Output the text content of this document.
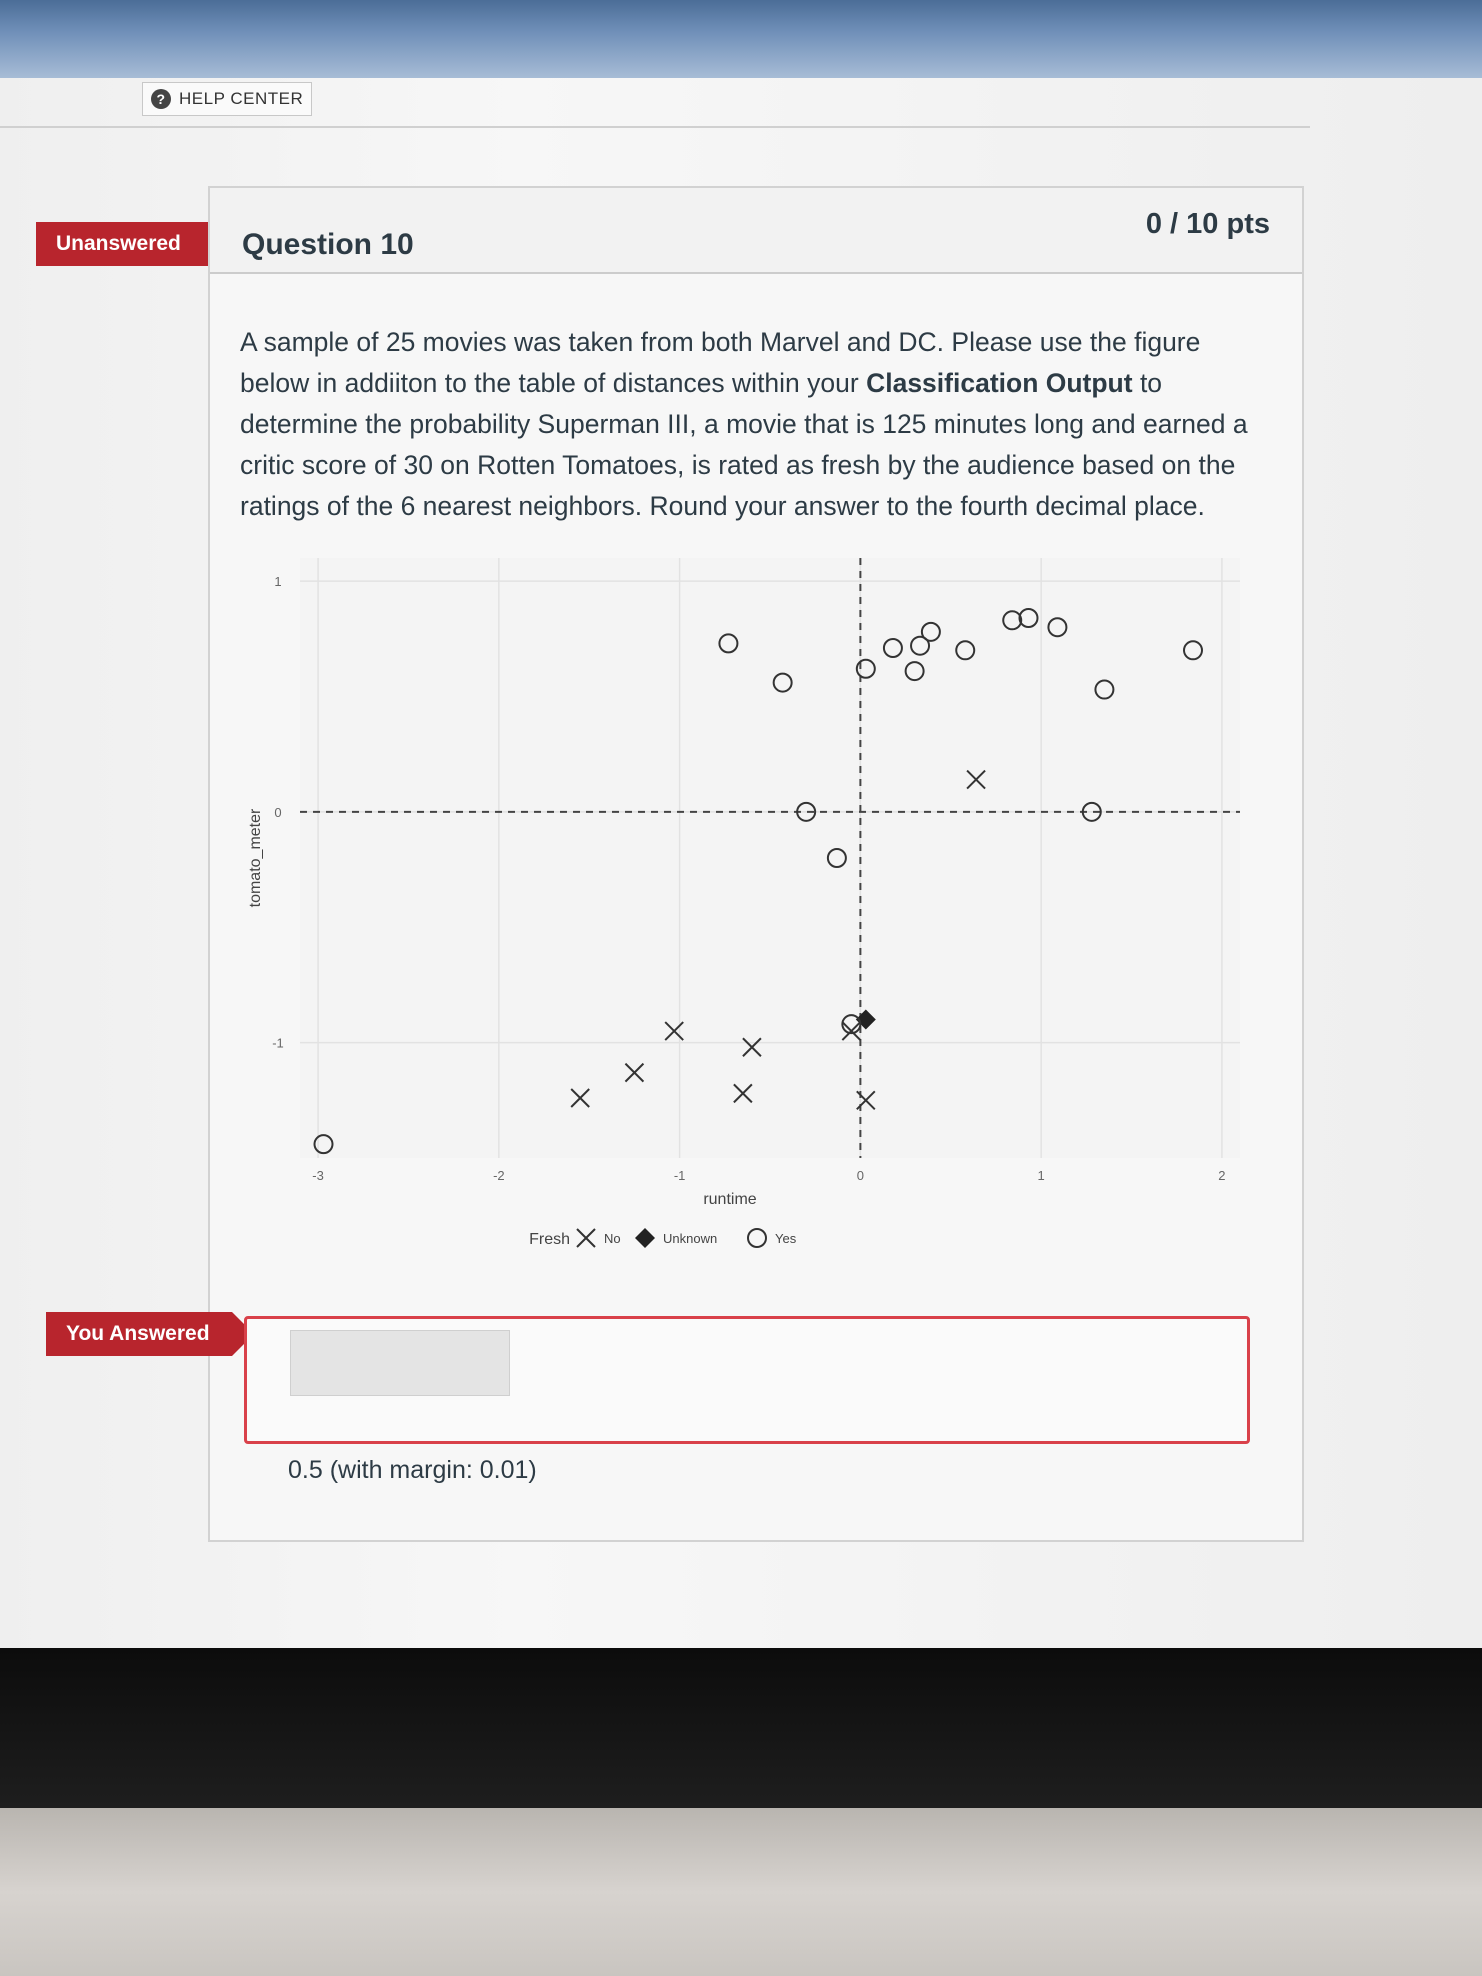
? HELP CENTER
Unanswered Question 10
0 / 10 pts
A sample of 25 movies was taken from both Marvel and DC. Please use the figure below in addiiton to the table of distances within your Classification Output to determine the probability Superman III, a movie that is 125 minutes long and earned a critic score of 30 on Rotten Tomatoes, is rated as fresh by the audience based on the ratings of the 6 nearest neighbors. Round your answer to the fourth decimal place.
-3	-2	-1	0	1	2
1
0
-1
runtime
tomato_meter
Fresh	No	Unknown	Yes
You Answered
0.5 (with margin: 0.01)
